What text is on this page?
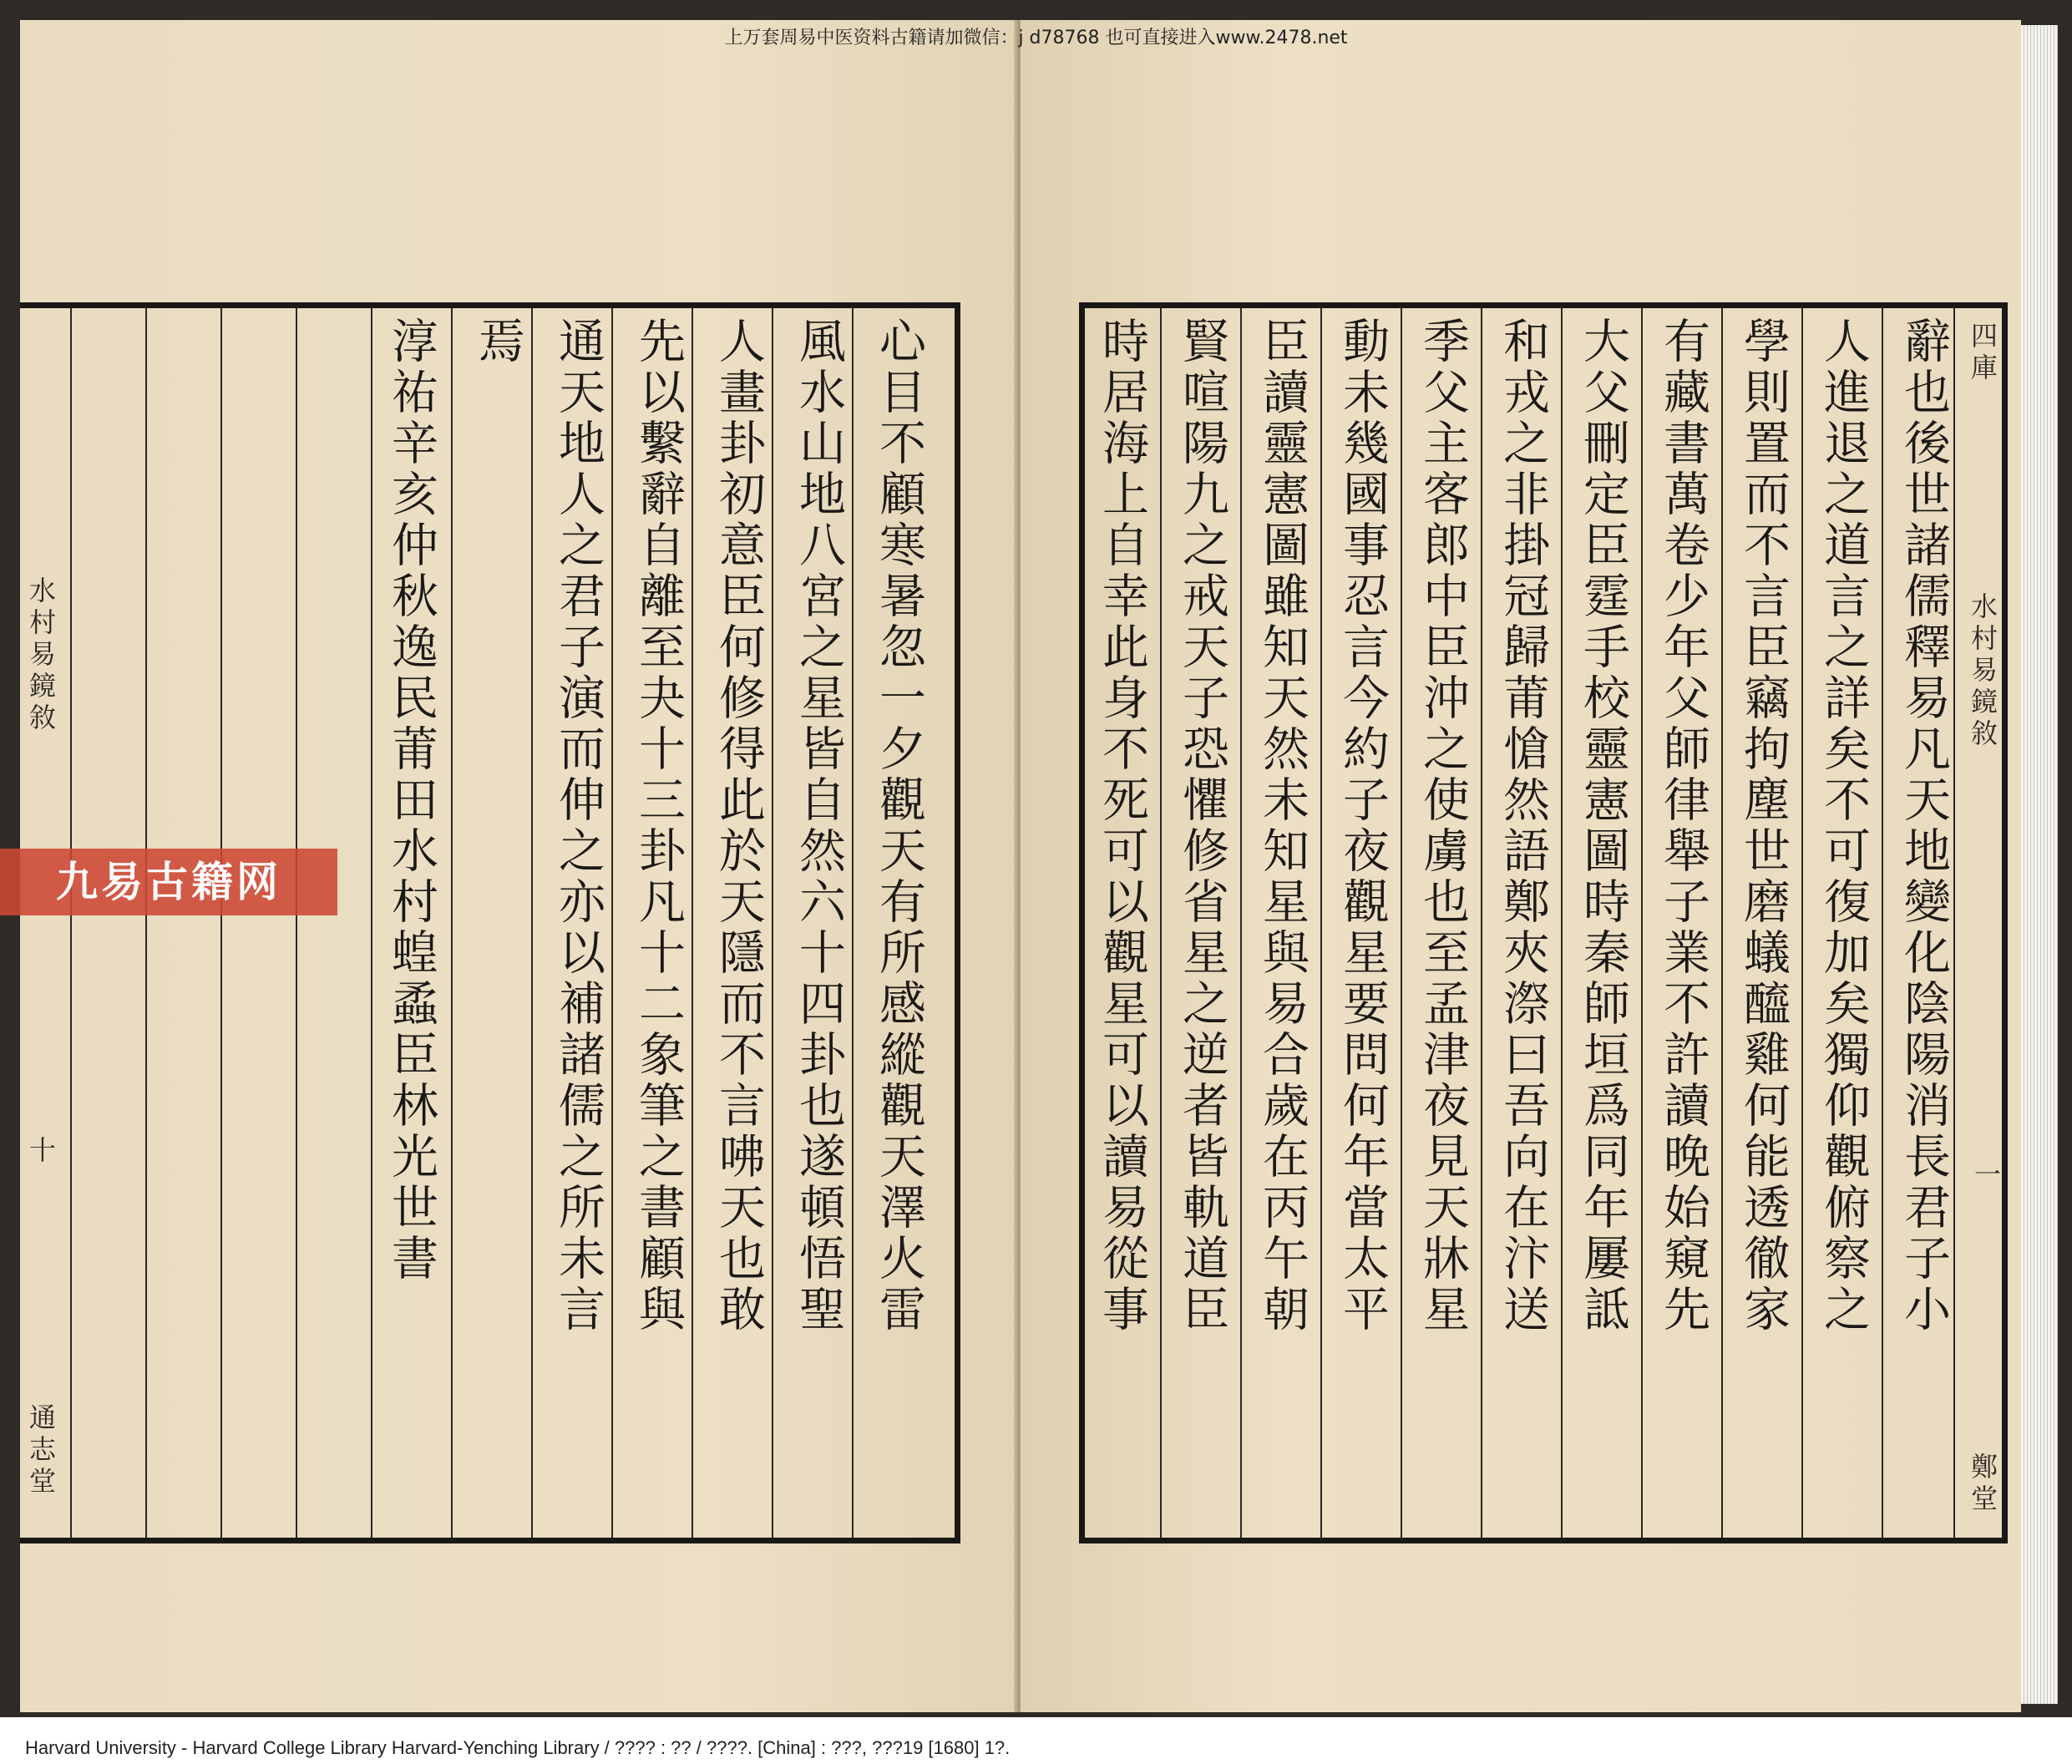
心目不顧寒暑忽一夕觀天有所感縱觀天澤火雷
風水山地八宮之星皆自然六十四卦也遂頓悟聖
人畫卦初意臣何修得此於天隱而不言咈天也敢
先以繫辭自離至夬十三卦凡十二象筆之書顧與
通天地人之君子演而伸之亦以補諸儒之所未言
焉
淳祐辛亥仲秋逸民莆田水村蝗蟊臣林光世書
水村易鏡敘
十
通志堂
辭也後世諸儒釋易凡天地變化陰陽消長君子小
人進退之道言之詳矣不可復加矣獨仰觀俯察之
學則置而不言臣竊拘塵世磨蟻醯雞何能透徹家
有藏書萬卷少年父師律舉子業不許讀晚始窺先
大父刪定臣霆手校靈憲圖時秦師垣爲同年屢詆
和戎之非掛冠歸莆愴然語鄭夾漈曰吾向在汴送
季父主客郎中臣沖之使虜也至孟津夜見天牀星
動未幾國事忍言今約子夜觀星要問何年當太平
臣讀靈憲圖雖知天然未知星與易合歲在丙午朝
賢喧陽九之戒天子恐懼修省星之逆者皆軌道臣
時居海上自幸此身不死可以觀星可以讀易從事	四庫
水村易鏡敘
一
鄭堂
上万套周易中医资料古籍请加微信：j d78768 也可直接进入www.2478.net
九易古籍网
Harvard University - Harvard College Library Harvard-Yenching Library / ???? : ?? / ????. [China] : ???, ???19 [1680] 1?.
